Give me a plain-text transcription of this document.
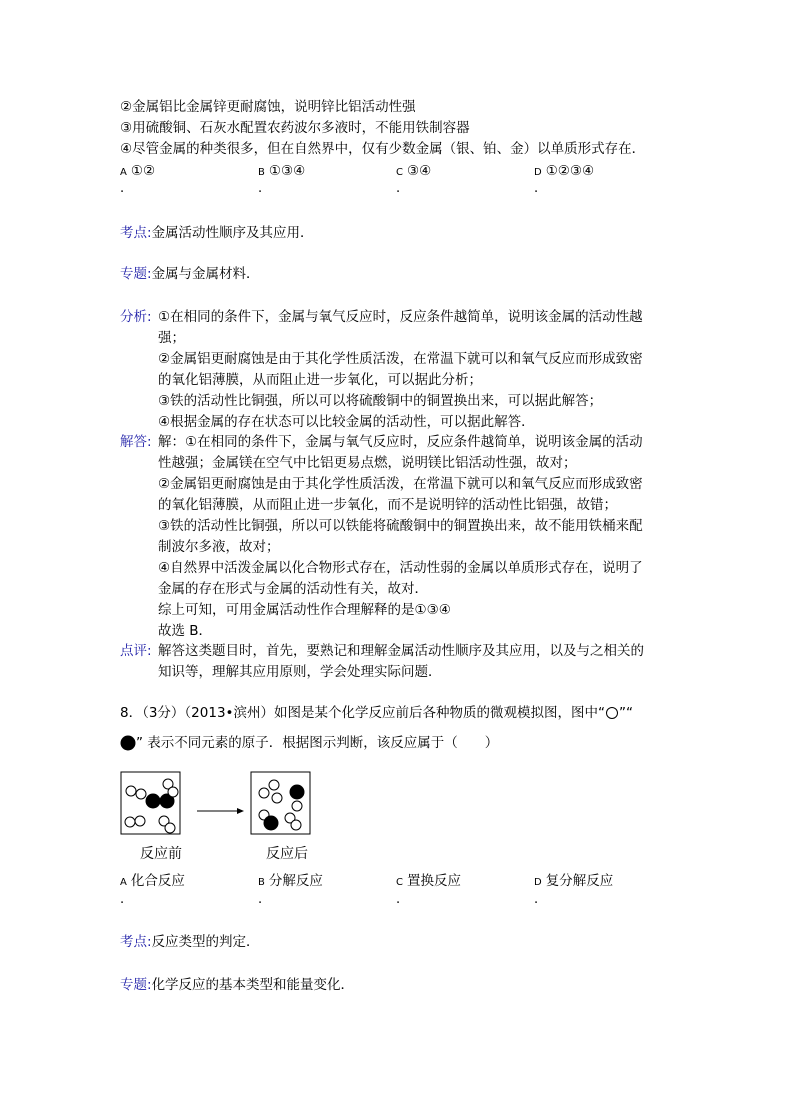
②金属铝比金属锌更耐腐蚀，说明锌比铝活动性强
③用硫酸铜、石灰水配置农药波尔多液时，不能用铁制容器
④尽管金属的种类很多，但在自然界中，仅有少数金属（银、铂、金）以单质形式存在．
A ①②	B ①③④	C ③④	D ①②③④
.	.	.	.
考点:金属活动性顺序及其应用．
专题:金属与金属材料．
分析: ①在相同的条件下，金属与氧气反应时，反应条件越简单，说明该金属的活动性越
强；
②金属铝更耐腐蚀是由于其化学性质活泼，在常温下就可以和氧气反应而形成致密
的氧化铝薄膜，从而阻止进一步氧化，可以据此分析；
③铁的活动性比铜强，所以可以将硫酸铜中的铜置换出来，可以据此解答；
④根据金属的存在状态可以比较金属的活动性，可以据此解答．
解答: 解：①在相同的条件下，金属与氧气反应时，反应条件越简单，说明该金属的活动
性越强；金属镁在空气中比铝更易点燃，说明镁比铝活动性强，故对；
②金属铝更耐腐蚀是由于其化学性质活泼，在常温下就可以和氧气反应而形成致密
的氧化铝薄膜，从而阻止进一步氧化，而不是说明锌的活动性比铝强，故错；
③铁的活动性比铜强，所以可以铁能将硫酸铜中的铜置换出来，故不能用铁桶来配
制波尔多液，故对；
④自然界中活泼金属以化合物形式存在，活动性弱的金属以单质形式存在，说明了
金属的存在形式与金属的活动性有关，故对．
综上可知，可用金属活动性作合理解释的是①③④
故选 B．
点评: 解答这类题目时，首先，要熟记和理解金属活动性顺序及其应用，以及与之相关的
知识等，理解其应用原则，学会处理实际问题．
8．（3分）（2013•滨州）如图是某个化学反应前后各种物质的微观模拟图，图中“ ”“
” 表示不同元素的原子．根据图示判断，该反应属于（　　）
反应前	反应后
A 化合反应	B 分解反应	C 置换反应	D 复分解反应
.	.	.	.
考点:反应类型的判定．
专题:化学反应的基本类型和能量变化．
